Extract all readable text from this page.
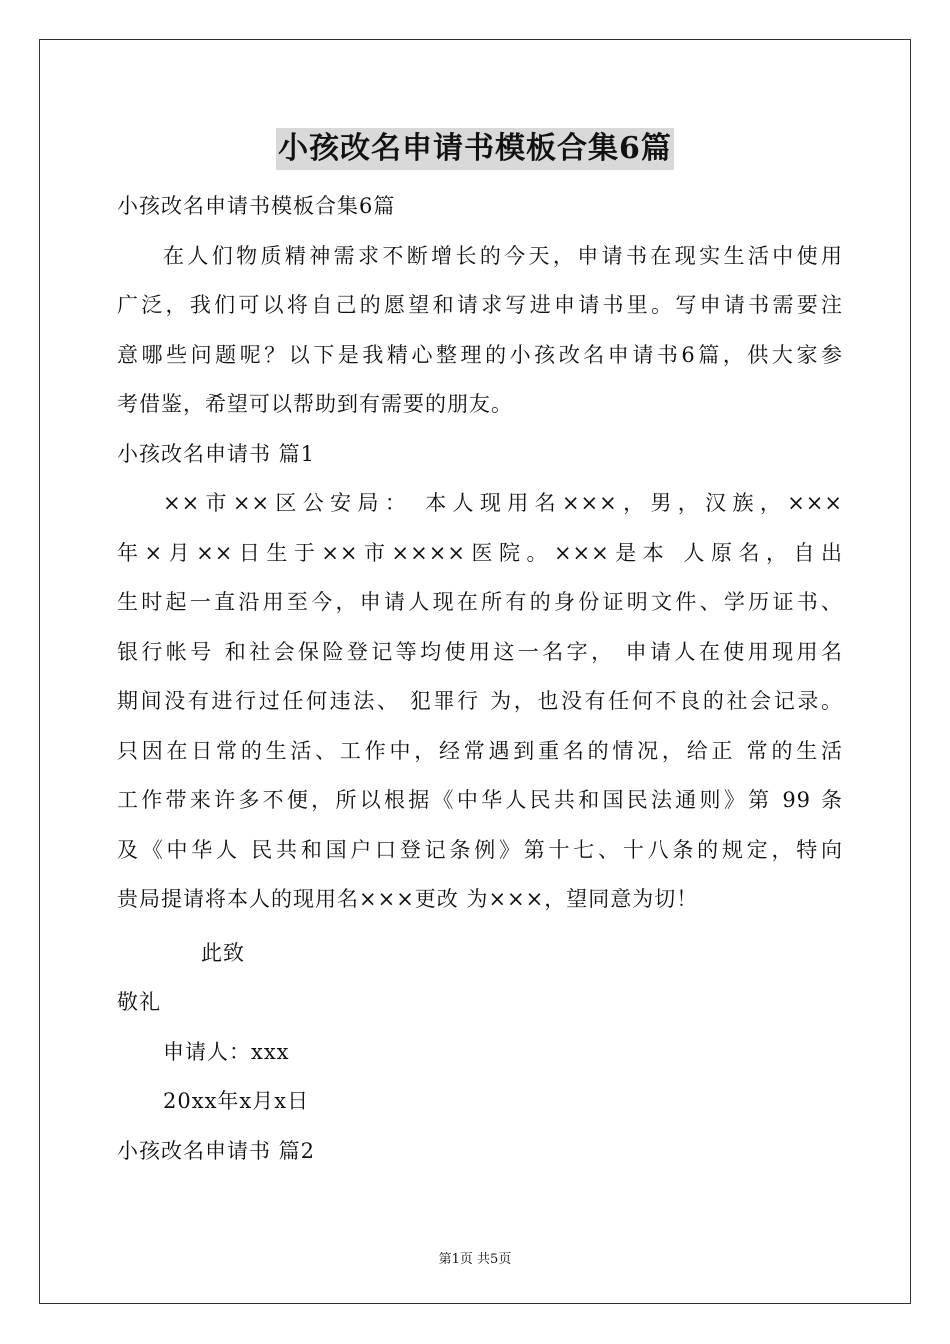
小孩改名申请书模板合集6篇
小孩改名申请书模板合集6篇
在人们物质精神需求不断增长的今天，申请书在现实生活中使用
广泛，我们可以将自己的愿望和请求写进申请书里。写申请书需要注
意哪些问题呢？以下是我精心整理的小孩改名申请书6篇，供大家参
考借鉴，希望可以帮助到有需要的朋友。
小孩改名申请书 篇1
××市××区公安局： 本人现用名×××，男，汉族，×××
年×月××日生于××市××××医院。×××是本 人原名，自出
生时起一直沿用至今，申请人现在所有的身份证明文件、学历证书、
银行帐号 和社会保险登记等均使用这一名字， 申请人在使用现用名
期间没有进行过任何违法、 犯罪行 为，也没有任何不良的社会记录。
只因在日常的生活、工作中，经常遇到重名的情况，给正 常的生活
工作带来许多不便，所以根据《中华人民共和国民法通则》第 99 条
及《中华人 民共和国户口登记条例》第十七、十八条的规定，特向
贵局提请将本人的现用名×××更改 为×××，望同意为切！
此致
敬礼
申请人：xxx
20xx年x月x日
小孩改名申请书 篇2
第1页 共5页
